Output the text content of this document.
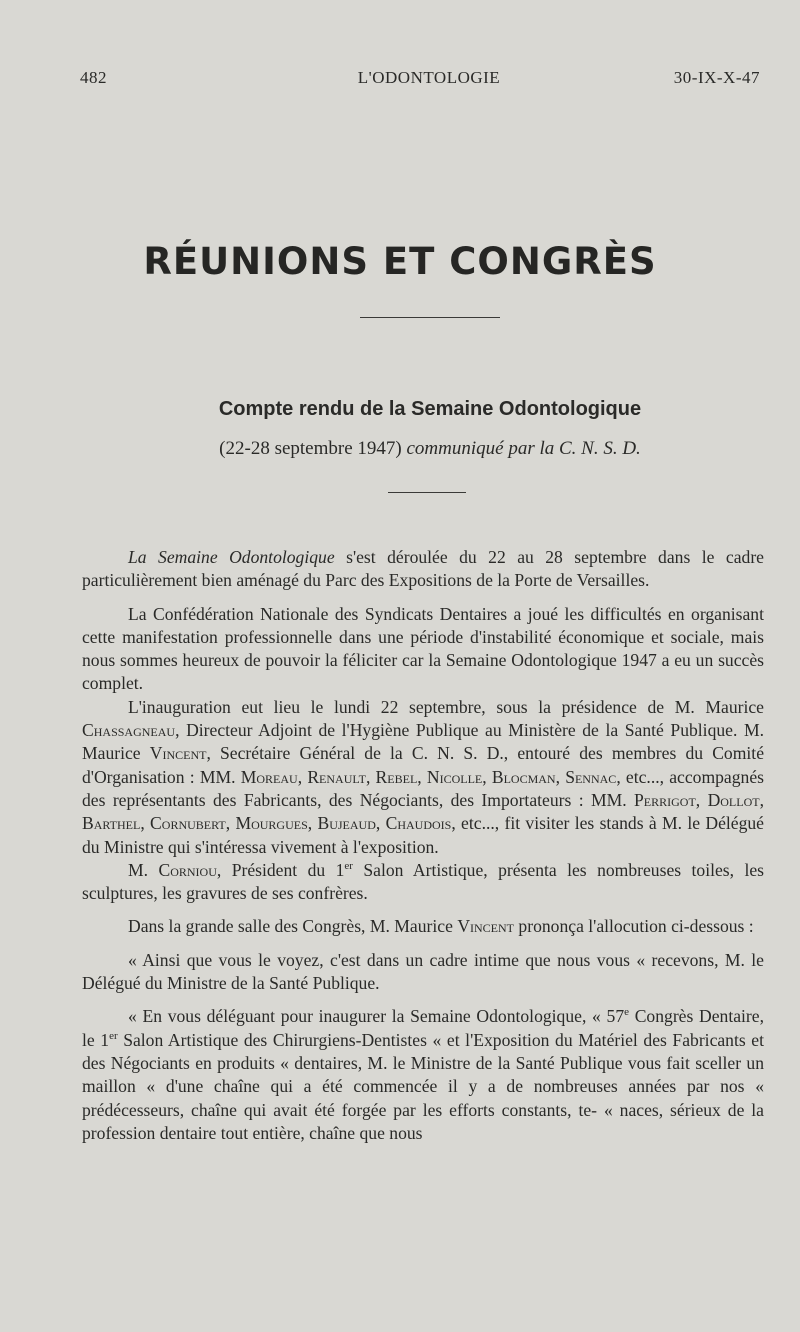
482	L'ODONTOLOGIE	30-IX-X-47
RÉUNIONS ET CONGRÈS
Compte rendu de la Semaine Odontologique
(22-28 septembre 1947) communiqué par la C. N. S. D.

La Semaine Odontologique s'est déroulée du 22 au 28 septembre dans le cadre particulièrement bien aménagé du Parc des Expositions de la Porte de Versailles.

La Confédération Nationale des Syndicats Dentaires a joué les difficultés en organisant cette manifestation professionnelle dans une période d'instabilité économique et sociale, mais nous sommes heureux de pouvoir la féliciter car la Semaine Odontologique 1947 a eu un succès complet.

L'inauguration eut lieu le lundi 22 septembre, sous la présidence de M. Maurice Chassagneau, Directeur Adjoint de l'Hygiène Publique au Ministère de la Santé Publique. M. Maurice Vincent, Secrétaire Général de la C. N. S. D., entouré des membres du Comité d'Organisation : MM. Moreau, Renault, Rebel, Nicolle, Blocman, Sennac, etc..., accompagnés des représentants des Fabricants, des Négociants, des Importateurs : MM. Perrigot, Dollot, Barthel, Cornubert, Mourgues, Bujeaud, Chaudois, etc..., fit visiter les stands à M. le Délégué du Ministre qui s'intéressa vivement à l'exposition.

M. Corniou, Président du 1er Salon Artistique, présenta les nombreuses toiles, les sculptures, les gravures de ses confrères.

Dans la grande salle des Congrès, M. Maurice Vincent prononça l'allocution ci-dessous :

« Ainsi que vous le voyez, c'est dans un cadre intime que nous vous « recevons, M. le Délégué du Ministre de la Santé Publique.

« En vous déléguant pour inaugurer la Semaine Odontologique, « 57e Congrès Dentaire, le 1er Salon Artistique des Chirurgiens-Dentistes « et l'Exposition du Matériel des Fabricants et des Négociants en produits « dentaires, M. le Ministre de la Santé Publique vous fait sceller un maillon « d'une chaîne qui a été commencée il y a de nombreuses années par nos « prédécesseurs, chaîne qui avait été forgée par les efforts constants, te- « naces, sérieux de la profession dentaire tout entière, chaîne que nous
